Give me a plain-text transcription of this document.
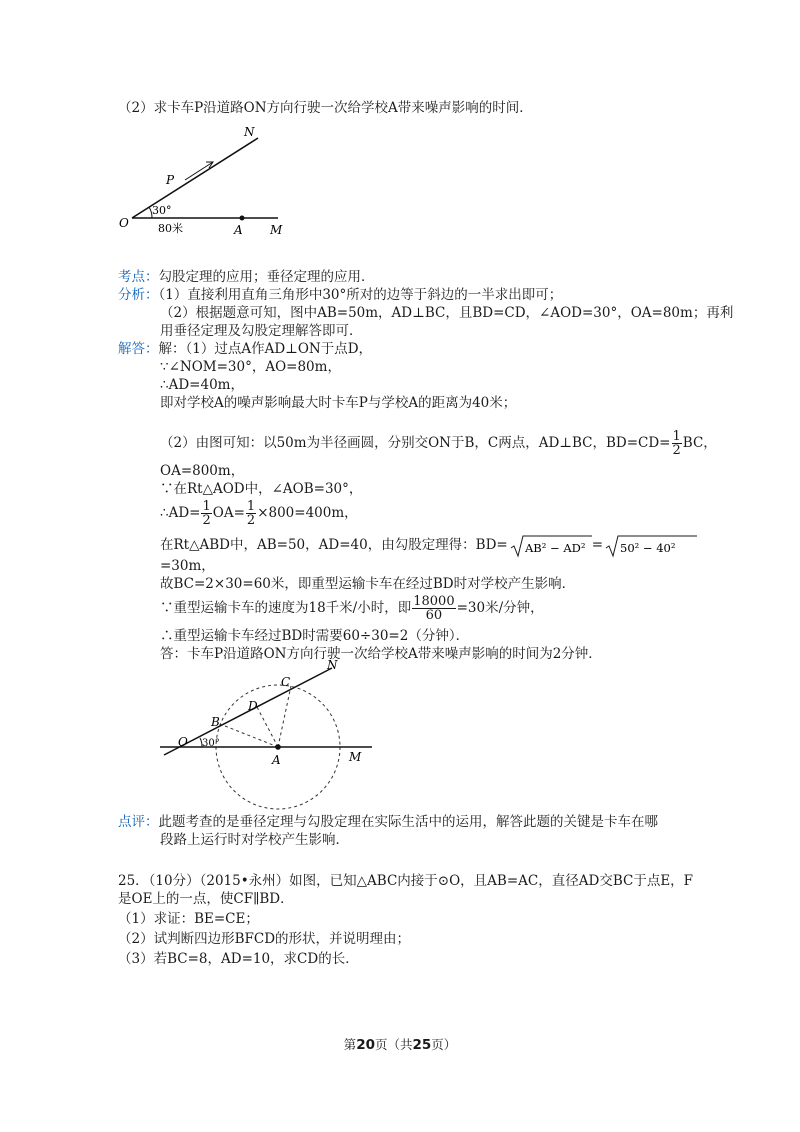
（2）求卡车P沿道路ON方向行驶一次给学校A带来噪声影响的时间．
N
P
O
30°
80米	A M
考点：勾股定理的应用；垂径定理的应用．
分析：（1）直接利用直角三角形中30°所对的边等于斜边的一半求出即可；
（2）根据题意可知，图中AB=50m，AD⊥BC，且BD=CD，∠AOD=30°，OA=80m；再利
用垂径定理及勾股定理解答即可．
解答：解：（1）过点A作AD⊥ON于点D，
∵∠NOM=30°，AO=80m，
∴AD=40m，
即对学校A的噪声影响最大时卡车P与学校A的距离为40米；
（2）由图可知：以50m为半径画圆，分别交ON于B，C两点，AD⊥BC，$BD=CD= \frac{1}{2}$ BC，
OA=800m，
∵在Rt△AOD中，∠AOB=30°，
∴AD= $\frac{1}{2} OA= \frac{1}{2} \times 800=400m$，
在Rt△ABD中，AB=50，AD=40，由勾股定理得：BD= AB² − AD² = 50² − 40²
=30m，
故BC=2×30=60米，即重型运输卡车在经过BD时对学校产生影响．
∵重型运输卡车的速度为18千米/小时，即 $\frac{18000}{60} =30$米/分钟，
∴重型运输卡车经过BD时需要60÷30=2（分钟）．
答：卡车P沿道路ON方向行驶一次给学校A带来噪声影响的时间为2分钟．
N
C
D
B
O 30°
A	M
点评：此题考查的是垂径定理与勾股定理在实际生活中的运用，解答此题的关键是卡车在哪
段路上运行时对学校产生影响．
25．（10分）（2015•永州）如图，已知△ABC内接于⊙O，且AB=AC，直径AD交BC于点E，F
是OE上的一点，使CF∥BD．
（1）求证：BE=CE；
（2）试判断四边形BFCD的形状，并说明理由；
（3）若BC=8，AD=10，求CD的长．
第20页（共25页）
